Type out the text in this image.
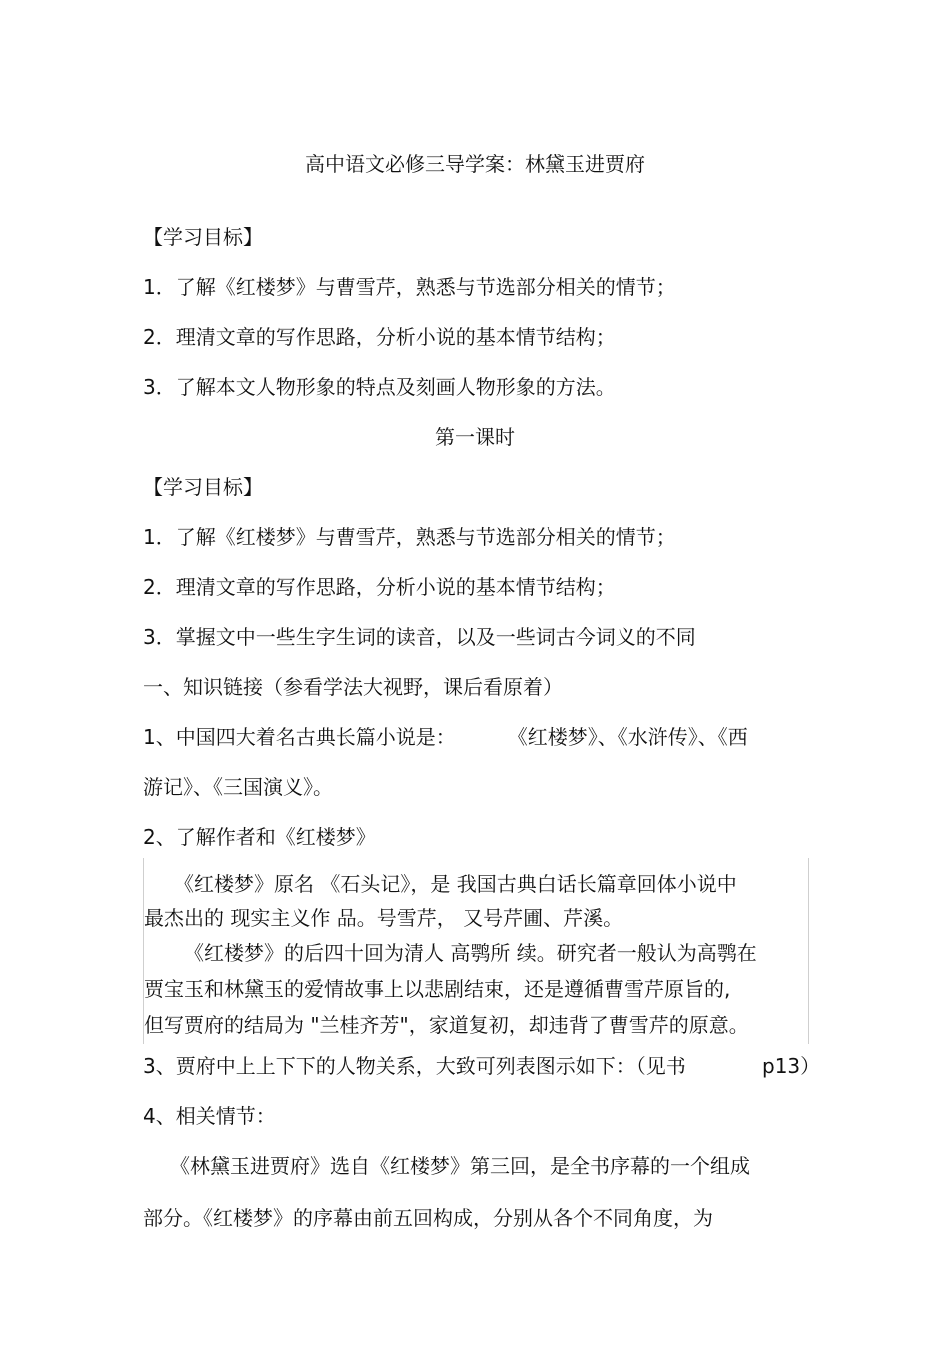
高中语文必修三导学案：林黛玉进贾府
【学习目标】
1．了解《红楼梦》与曹雪芹，熟悉与节选部分相关的情节；
2．理清文章的写作思路，分析小说的基本情节结构；
3．了解本文人物形象的特点及刻画人物形象的方法。
第一课时
【学习目标】
1．了解《红楼梦》与曹雪芹，熟悉与节选部分相关的情节；
2．理清文章的写作思路，分析小说的基本情节结构；
3．掌握文中一些生字生词的读音，以及一些词古今词义的不同
一、知识链接（参看学法大视野，课后看原着）
1、中国四大着名古典长篇小说是：	《红楼梦》、《水浒传》、《西
游记》、《三国演义》。
2、了解作者和《红楼梦》
《红楼梦》原名 《石头记》，是 我国古典白话长篇章回体小说中
最杰出的 现实主义作 品。号雪芹， 又号芹圃、芹溪。
《红楼梦》的后四十回为清人 高鹗所 续。研究者一般认为高鹗在
贾宝玉和林黛玉的爱情故事上以悲剧结束，还是遵循曹雪芹原旨的,
但写贾府的结局为 "兰桂齐芳"，家道复初，却违背了曹雪芹的原意。
3、贾府中上上下下的人物关系，大致可列表图示如下：（见书	p13）
4、相关情节：
《林黛玉进贾府》选自《红楼梦》第三回，是全书序幕的一个组成
部分。《红楼梦》的序幕由前五回构成，分别从各个不同角度，为
